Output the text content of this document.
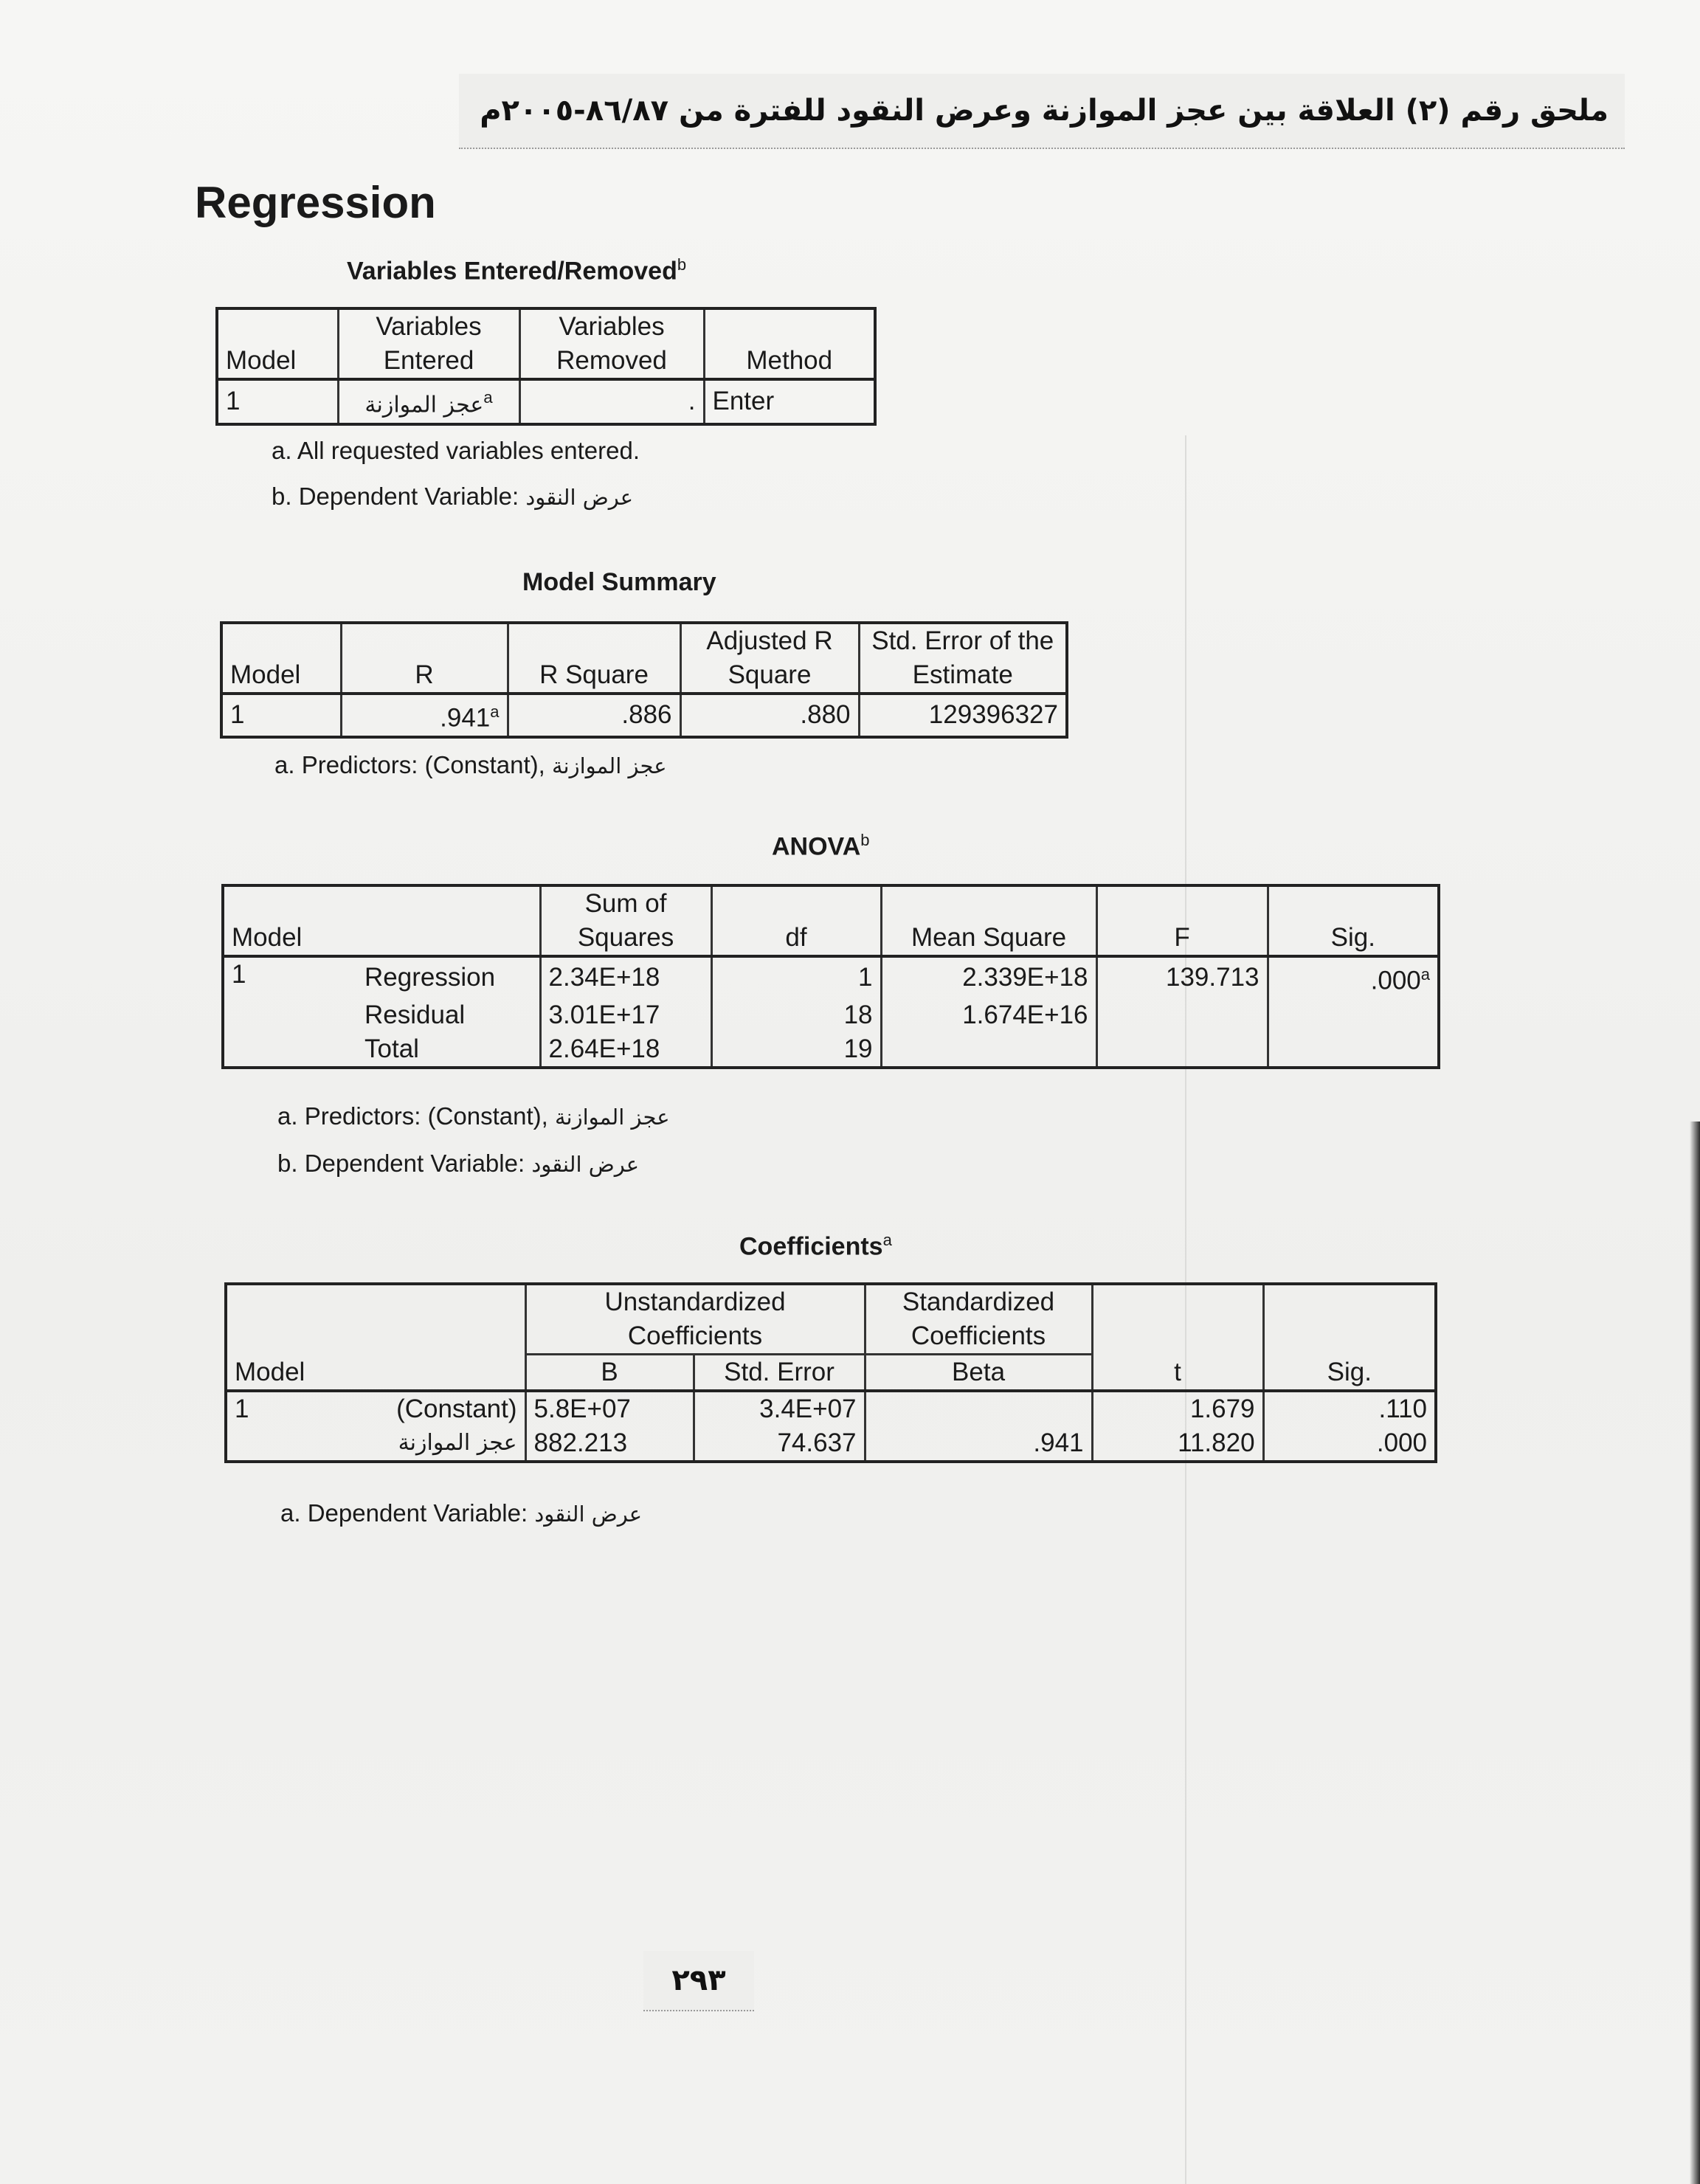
ملحق رقم (٢) العلاقة بين عجز الموازنة وعرض النقود للفترة من ٨٦/٨٧-٢٠٠٥م
Regression
Variables Entered/Removed$^b$
Model	Variables Entered	Variables Removed	Method
1	عجز الموازنة$^a$	.	Enter
a. All requested variables entered.
b. Dependent Variable: عرض النقود
Model Summary
Model	R	R Square	Adjusted R Square	Std. Error of the Estimate
1	.941$^a$	.886	.880	129396327
a. Predictors: (Constant), عجز الموازنة
ANOVA$^b$
Model		Sum of Squares	df	Mean Square	F	Sig.
1	Regression	2.34E+18	1	2.339E+18	139.713	.000$^a$
	Residual	3.01E+17	18	1.674E+16		
	Total	2.64E+18	19			
a. Predictors: (Constant), عجز الموازنة
b. Dependent Variable: عرض النقود
Coefficients$^a$
Model		Unstandardized Coefficients		Standardized Coefficients	t	Sig.
		B	Std. Error	Beta		
1	(Constant)	5.8E+07	3.4E+07		1.679	.110
	عجز الموازنة	882.213	74.637	.941	11.820	.000
a. Dependent Variable: عرض النقود
٢٩٣
